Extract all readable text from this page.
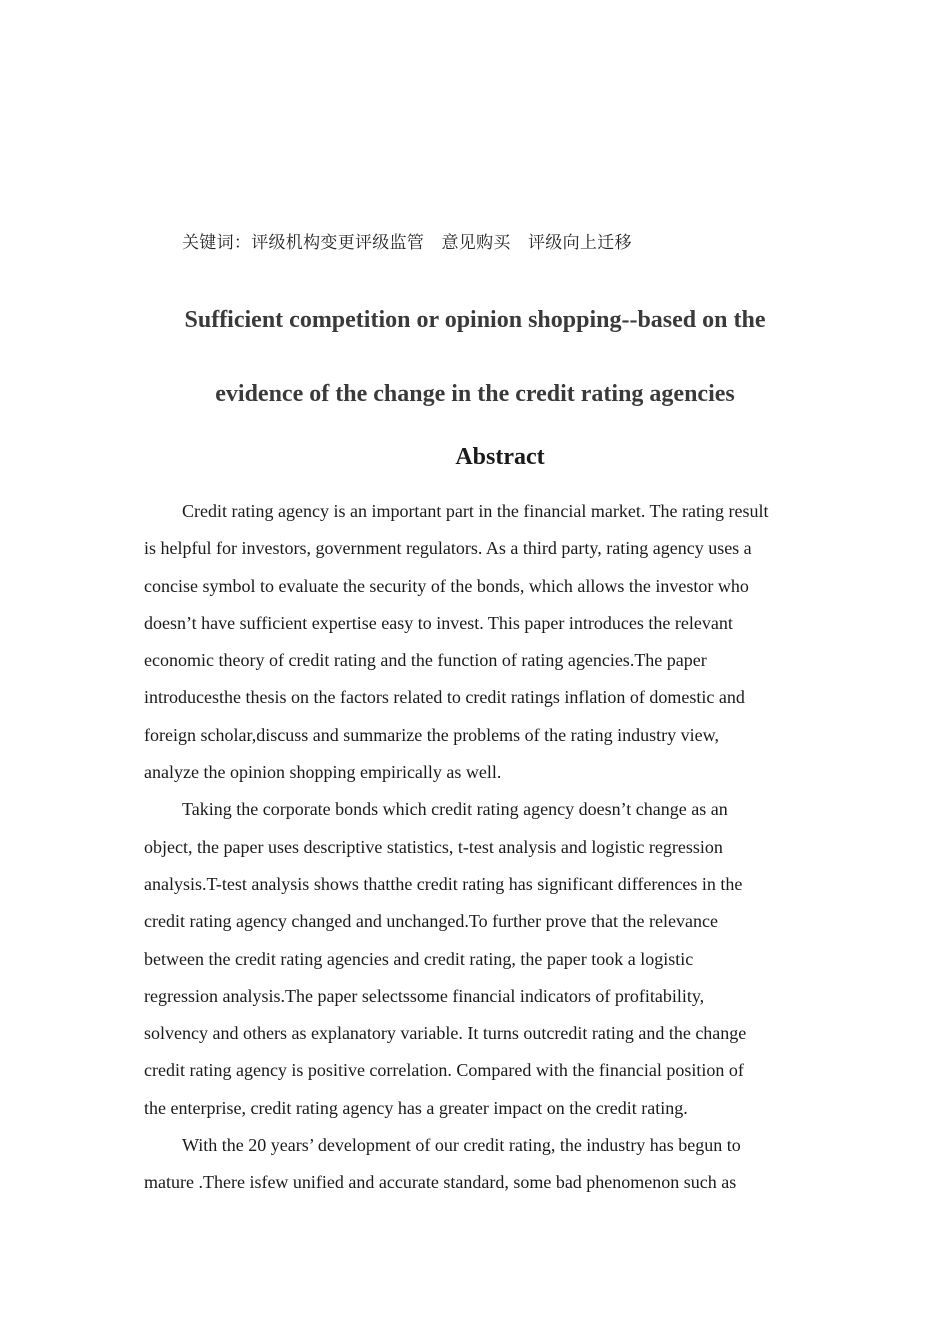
关键词：评级机构变更评级监管　意见购买　评级向上迁移
Sufficient competition or opinion shopping--based on the
evidence of the change in the credit rating agencies
Abstract

Credit rating agency is an important part in the financial market. The rating result
is helpful for investors, government regulators. As a third party, rating agency uses a
concise symbol to evaluate the security of the bonds, which allows the investor who
doesn’t have sufficient expertise easy to invest. This paper introduces the relevant
economic theory of credit rating and the function of rating agencies.The paper
introducesthe thesis on the factors related to credit ratings inflation of domestic and
foreign scholar,discuss and summarize the problems of the rating industry view,
analyze the opinion shopping empirically as well.

Taking the corporate bonds which credit rating agency doesn’t change as an
object, the paper uses descriptive statistics, t-test analysis and logistic regression
analysis.T-test analysis shows thatthe credit rating has significant differences in the
credit rating agency changed and unchanged.To further prove that the relevance
between the credit rating agencies and credit rating, the paper took a logistic
regression analysis.The paper selectssome financial indicators of profitability,
solvency and others as explanatory variable. It turns outcredit rating and the change
credit rating agency is positive correlation. Compared with the financial position of
the enterprise, credit rating agency has a greater impact on the credit rating.

With the 20 years’ development of our credit rating, the industry has begun to
mature .There isfew unified and accurate standard, some bad phenomenon such as
